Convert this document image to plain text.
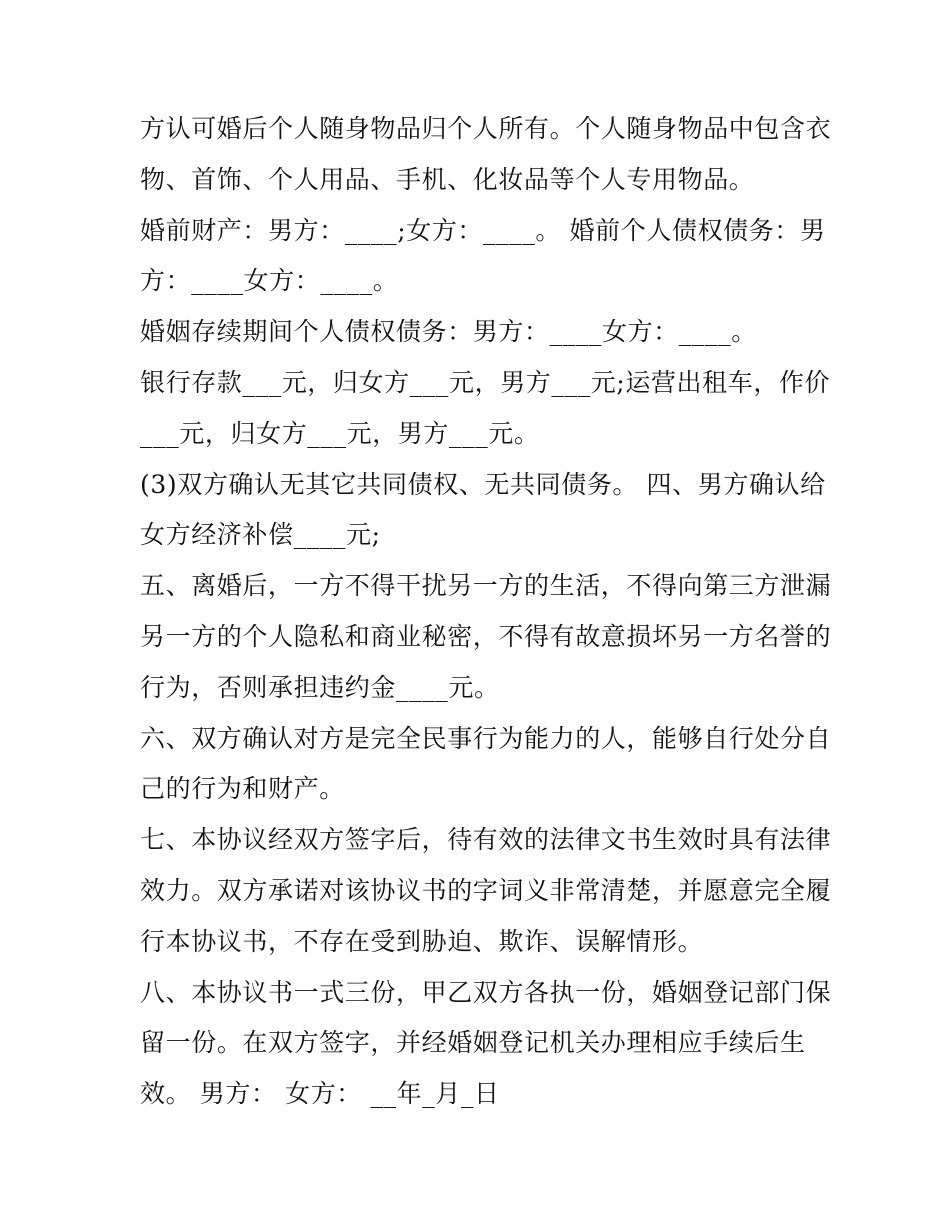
方认可婚后个人随身物品归个人所有。个人随身物品中包含衣
物、首饰、个人用品、手机、化妆品等个人专用物品。
婚前财产：男方：____;女方：____。 婚前个人债权债务：男
方：____女方：____。
婚姻存续期间个人债权债务：男方：____女方：____。
银行存款___元，归女方___元，男方___元;运营出租车，作价
___元，归女方___元，男方___元。
(3)双方确认无其它共同债权、无共同债务。 四、男方确认给
女方经济补偿____元;
五、离婚后，一方不得干扰另一方的生活，不得向第三方泄漏
另一方的个人隐私和商业秘密，不得有故意损坏另一方名誉的
行为，否则承担违约金____元。
六、双方确认对方是完全民事行为能力的人，能够自行处分自
己的行为和财产。
七、本协议经双方签字后，待有效的法律文书生效时具有法律
效力。双方承诺对该协议书的字词义非常清楚，并愿意完全履
行本协议书，不存在受到胁迫、欺诈、误解情形。
八、本协议书一式三份，甲乙双方各执一份，婚姻登记部门保
留一份。在双方签字，并经婚姻登记机关办理相应手续后生
效。 男方： 女方： __年_月_日
